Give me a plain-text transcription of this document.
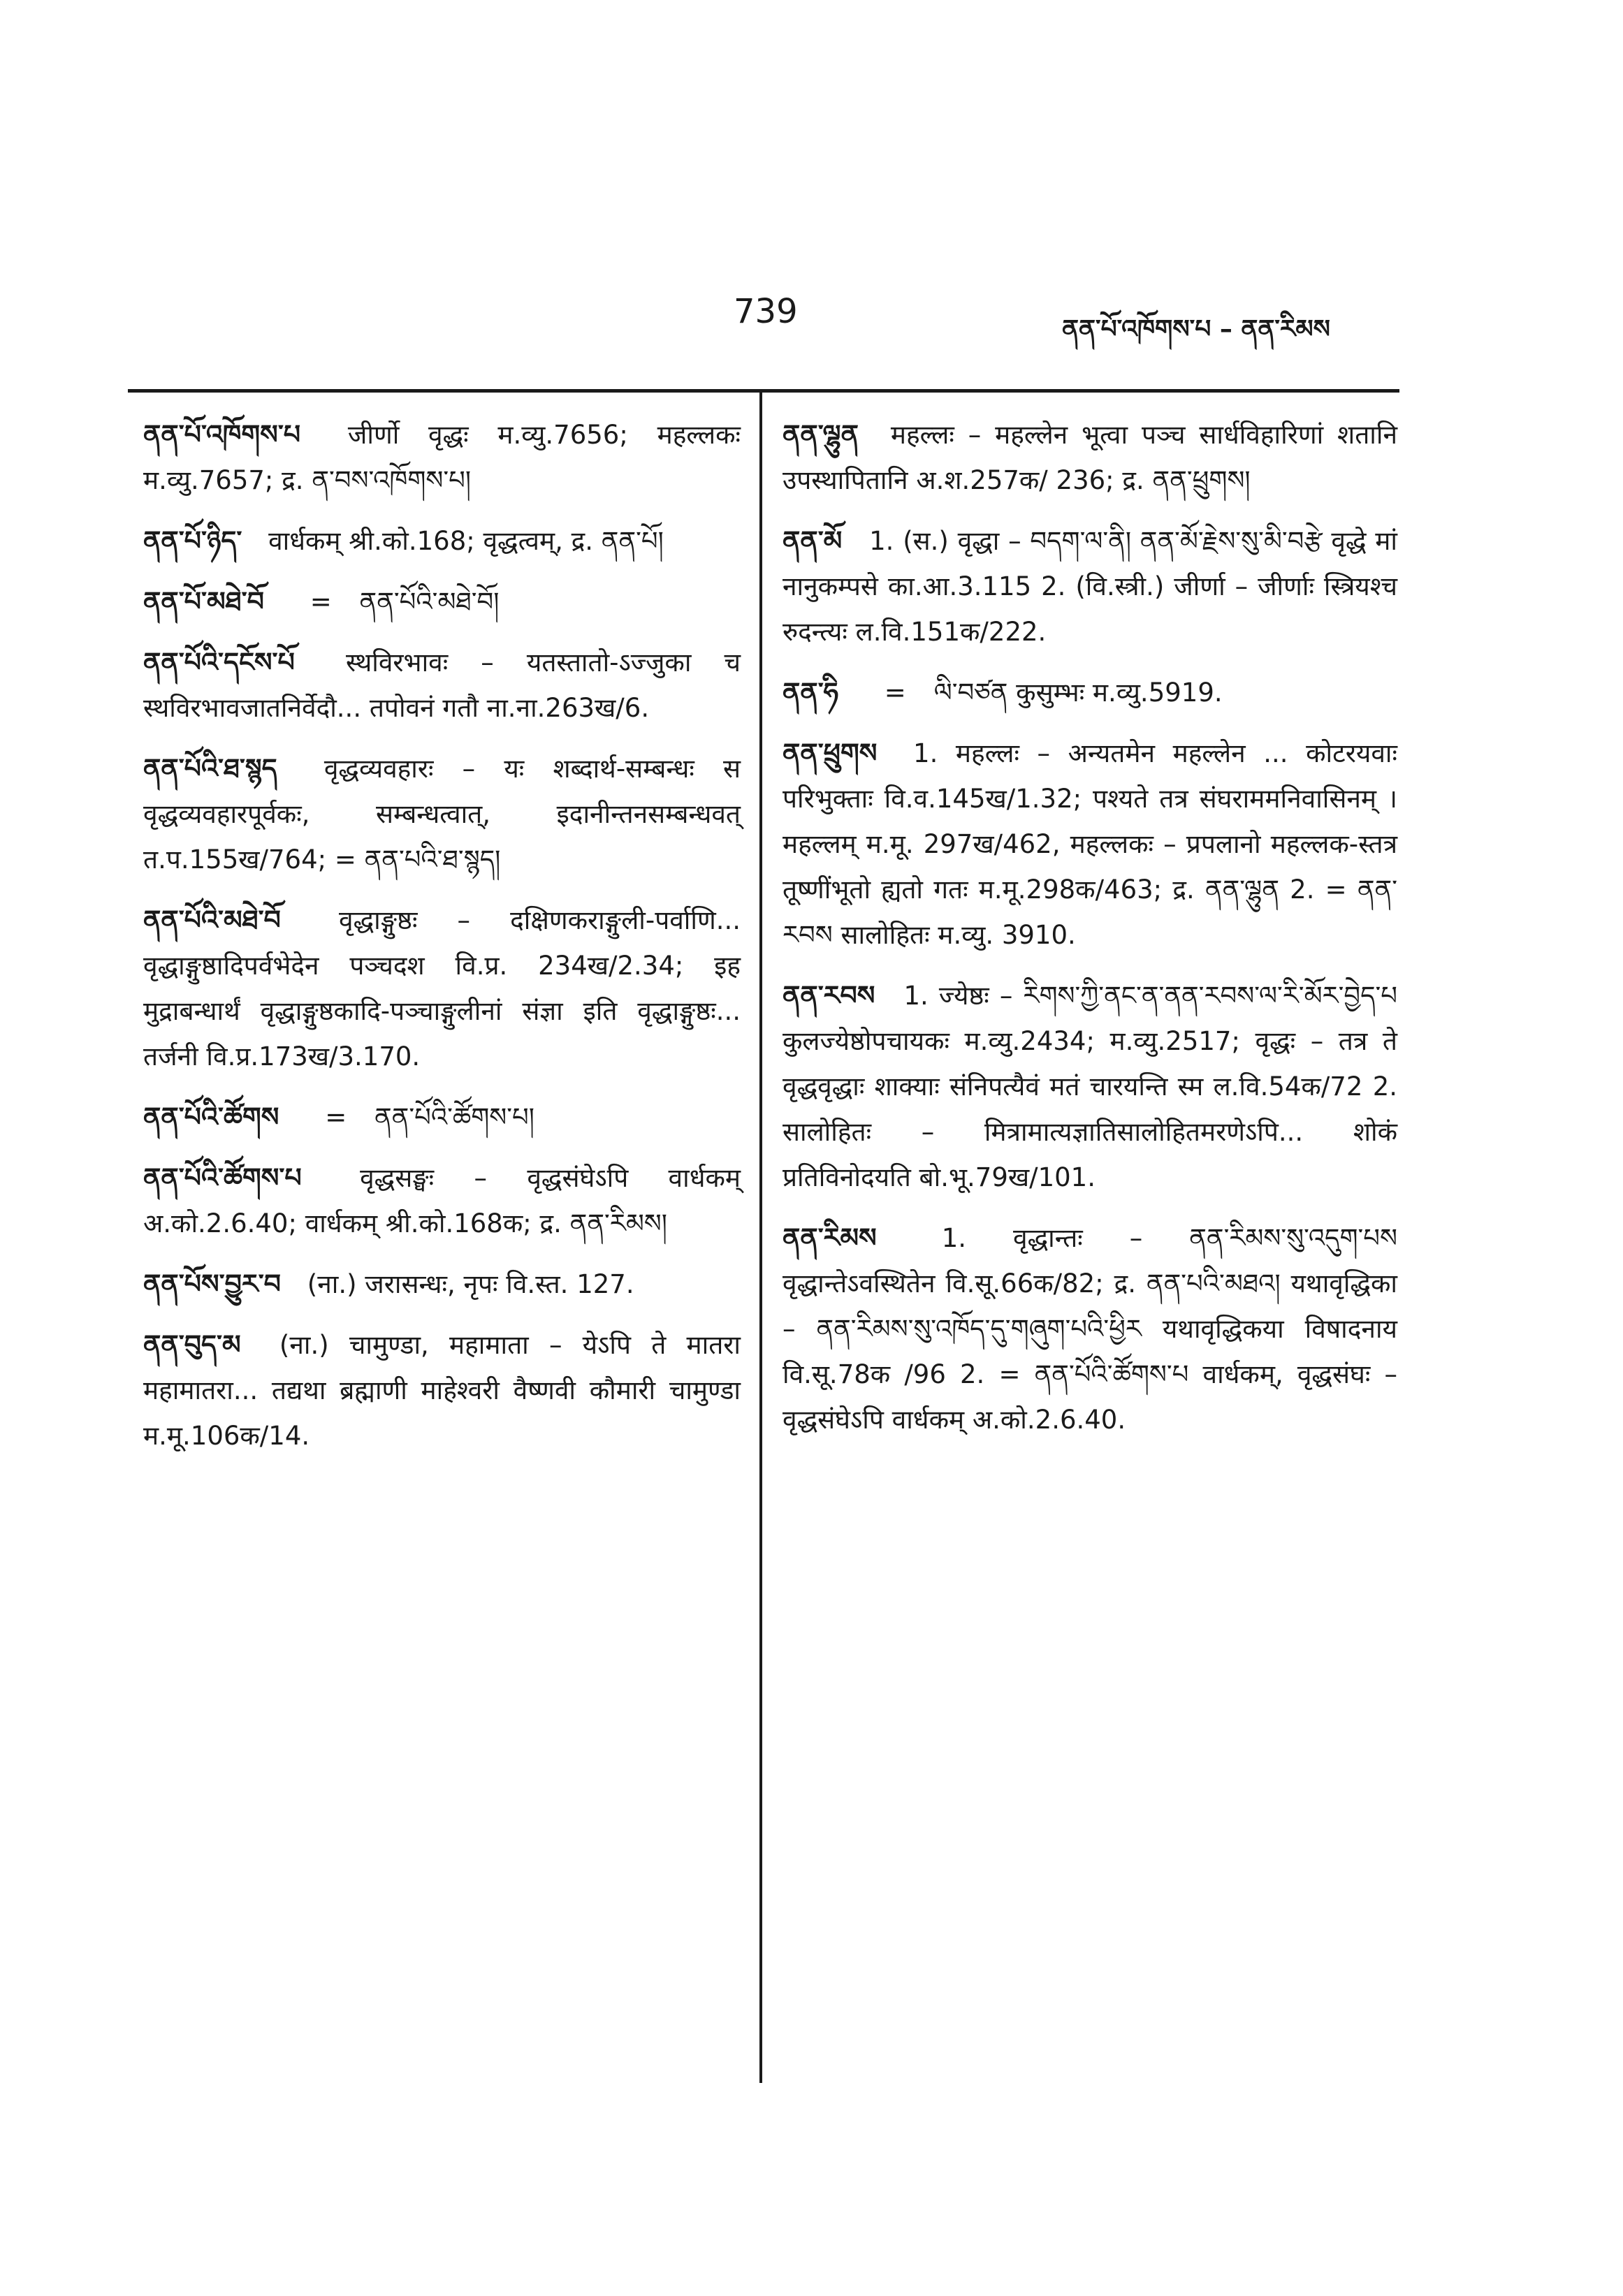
739	ནན་པོ་འཁོགས་པ – ནན་རིམས
ནན་པོ་འཁོགས་པ जीर्णो वृद्धः म.व्यु.7656; महल्लकः म.व्यु.7657; द्र. ན་བས་འཁོགས་པ།
ནན་པོ་ཉིད་ वार्धकम् श्री.को.168; वृद्धत्वम्, द्र. ནན་པོ།
ནན་པོ་མཐེ་བོ = ནན་པོའི་མཐེ་བོ།
ནན་པོའི་དངོས་པོ स्थविरभावः – यतस्तातो-ऽज्जुका च स्थविरभावजातनिर्वेदौ... तपोवनं गतौ ना.ना.263ख/6.
ནན་པོའི་ཐ་སྙད वृद्धव्यवहारः – यः शब्दार्थ-सम्बन्धः स वृद्धव्यवहारपूर्वकः, सम्बन्धत्वात्, इदानीन्तनसम्बन्धवत् त.प.155ख/764; = ནན་པའི་ཐ་སྙད།
ནན་པོའི་མཐེ་བོ वृद्धाङ्गुष्ठः – दक्षिणकराङ्गुली-पर्वाणि... वृद्धाङ्गुष्ठादिपर्वभेदेन पञ्चदश वि.प्र. 234ख/2.34; इह मुद्राबन्धार्थं वृद्धाङ्गुष्ठकादि-पञ्चाङ्गुलीनां संज्ञा इति वृद्धाङ्गुष्ठः... तर्जनी वि.प्र.173ख/3.170.
ནན་པོའི་ཚོགས = ནན་པོའི་ཚོགས་པ།
ནན་པོའི་ཚོགས་པ वृद्धसङ्घः – वृद्धसंघेऽपि वार्धकम् अ.को.2.6.40; वार्धकम् श्री.को.168क; द्र. ནན་རིམས།
ནན་པོས་བྱུར་བ (ना.) जरासन्धः, नृपः वि.स्त. 127.
ནན་བུད་མ (ना.) चामुण्डा, महामाता – येऽपि ते मातरा महामातरा... तद्यथा ब्रह्माणी माहेश्वरी वैष्णवी कौमारी चामुण्डा म.मू.106क/14.
ནན་ལྷུན महल्लः – महल्लेन भूत्वा पञ्च सार्धविहारिणां शतानि उपस्थापितानि अ.श.257क/ 236; द्र. ནན་ཕྲུགས།
ནན་མོ 1. (स.) वृद्धा – བདག་ལ་ནི། ནན་མོ་རྗེས་སུ་མི་བརྩེ वृद्धे मां नानुकम्पसे का.आ.3.115 2. (वि.स्त्री.) जीर्णा – जीर्णाः स्त्रियश्च रुदन्त्यः ल.वि.151क/222.
ནན་ཧི = ལི་བཙན कुसुम्भः म.व्यु.5919.
ནན་ཕྲུགས 1. महल्लः – अन्यतमेन महल्लेन ... कोटरयवाः परिभुक्ताः वि.व.145ख/1.32; पश्यते तत्र संघराममनिवासिनम् । महल्लम् म.मू. 297ख/462, महल्लकः – प्रपलानो महल्लक-स्तत्र तूष्णींभूतो ह्यतो गतः म.मू.298क/463; द्र. ནན་ལྷུན 2. = ནན་རབས सालोहितः म.व्यु. 3910.
ནན་རབས 1. ज्येष्ठः – རིགས་ཀྱི་ནང་ན་ནན་རབས་ལ་རི་མོར་བྱེད་པ कुलज्येष्ठोपचायकः म.व्यु.2434; म.व्यु.2517; वृद्धः – तत्र ते वृद्धवृद्धाः शाक्याः संनिपत्यैवं मतं चारयन्ति स्म ल.वि.54क/72 2. सालोहितः – मित्रामात्यज्ञातिसालोहितमरणेऽपि... शोकं प्रतिविनोदयति बो.भू.79ख/101.
ནན་རིམས	1. वृद्धान्तः – ནན་རིམས་སུ་འདུག་པས वृद्धान्तेऽवस्थितेन वि.सू.66क/82; द्र. ནན་པའི་མཐའ། यथावृद्धिका – ནན་རིམས་སུ་འཁོད་དུ་གཞུག་པའི་ཕྱིར यथावृद्धिकया विषादनाय वि.सू.78क /96 2. = ནན་པོའི་ཚོགས་པ वार्धकम्, वृद्धसंघः – वृद्धसंघेऽपि वार्धकम् अ.को.2.6.40.
